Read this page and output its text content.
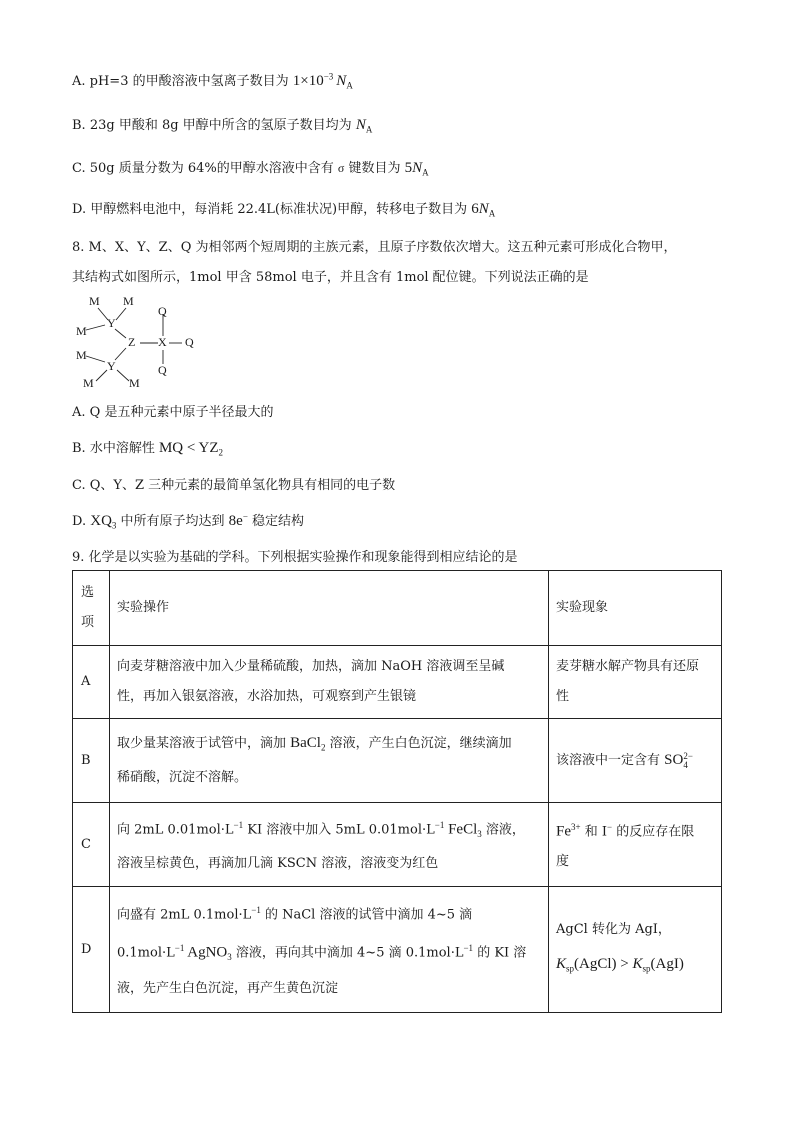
A. pH=3 的甲酸溶液中氢离子数目为 $1\times 10^{-3}$ $N_A$
B. 23g 甲酸和 8g 甲醇中所含的氢原子数目均为 $N_A$
C. 50g 质量分数为 64%的甲醇水溶液中含有 σ 键数目为 $5N_A$
D. 甲醇燃料电池中，每消耗 22.4L(标准状况)甲醇，转移电子数目为 $6N_A$
8. M、X、Y、Z、Q 为相邻两个短周期的主族元素，且原子序数依次增大。这五种元素可形成化合物甲，
其结构式如图所示，1mol 甲含 58mol 电子，并且含有 1mol 配位键。下列说法正确的是
M M
M
Y
Z X
Q
Q
Q
M
Y
M	M
A. Q 是五种元素中原子半径最大的
B. 水中溶解性 MQ < $YZ_2$
C. Q、Y、Z 三种元素的最简单氢化物具有相同的电子数
D. $XQ_3$ 中所有原子均达到 8e− 稳定结构
9. 化学是以实验为基础的学科。下列根据实验操作和现象能得到相应结论的是
选
项	实验操作	实验现象
A	向麦芽糖溶液中加入少量稀硫酸，加热，滴加 NaOH 溶液调至呈碱
性，再加入银氨溶液，水浴加热，可观察到产生银镜	麦芽糖水解产物具有还原
性
B	取少量某溶液于试管中，滴加 BaCl$_2$ 溶液，产生白色沉淀，继续滴加
稀硝酸，沉淀不溶解。	该溶液中一定含有 SO2−
4
C	向 2mL $0.01mol\cdot L^{-1}$ KI 溶液中加入 5mL $0.01mol\cdot L^{-1}$ FeCl$_3$ 溶液，
溶液呈棕黄色，再滴加几滴 KSCN 溶液，溶液变为红色	$Fe^{3+}$ 和 I− 的反应存在限
度
D	向盛有 2mL $0.1mol\cdot L^{-1}$ 的 NaCl 溶液的试管中滴加 4~5 滴
$0.1mol\cdot L^{-1}$ AgNO$_3$ 溶液，再向其中滴加 4~5 滴 $0.1mol\cdot L^{-1}$ 的 KI 溶
液，先产生白色沉淀，再产生黄色沉淀	AgCl 转化为 AgI，
$K_{sp}(AgCl) > K_{sp}(AgI)$
